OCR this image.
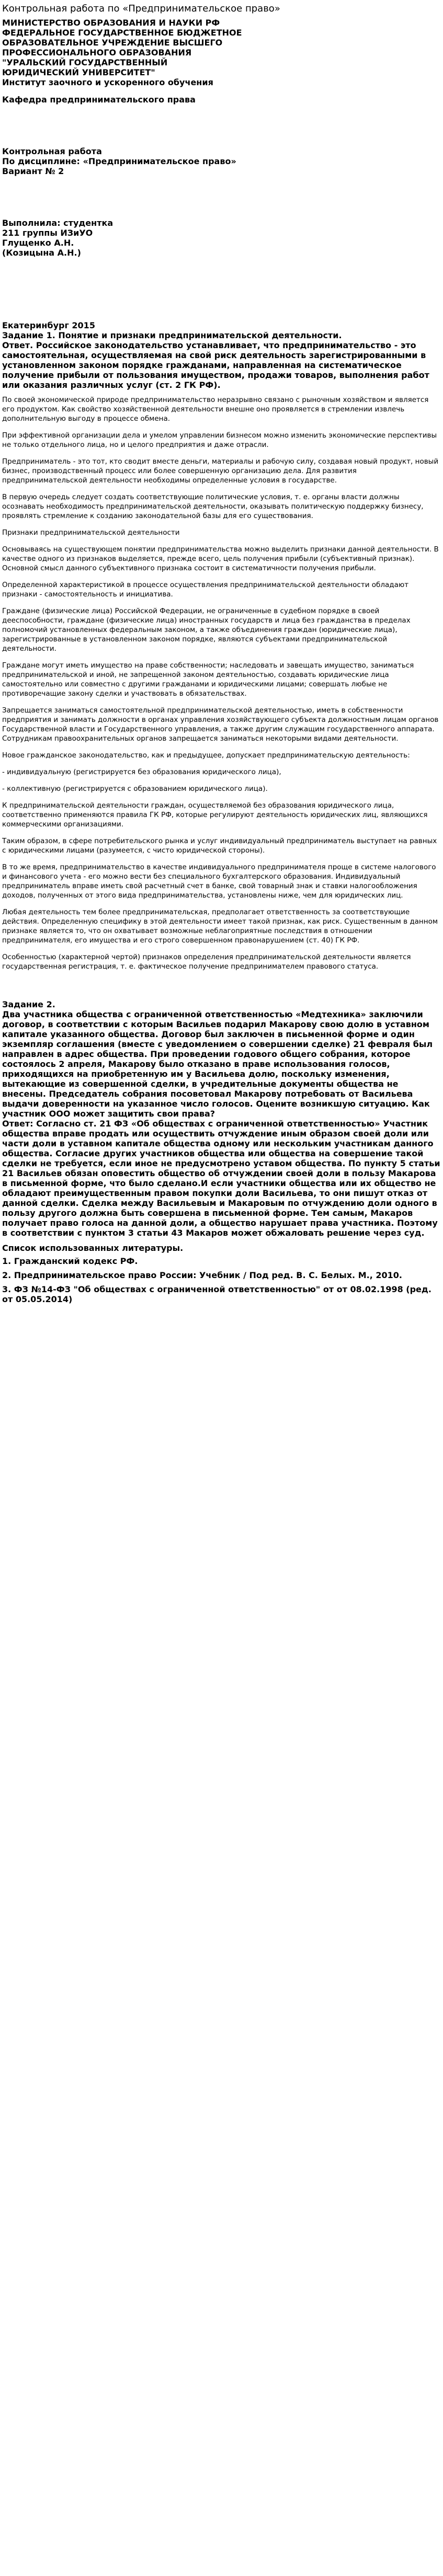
Контрольная работа по «Предпринимательское право»

МИНИСТЕРСТВО ОБРАЗОВАНИЯ И НАУКИ РФ

ФЕДЕРАЛЬНОЕ ГОСУДАРСТВЕННОЕ БЮДЖЕТНОЕ

ОБРАЗОВАТЕЛЬНОЕ УЧРЕЖДЕНИЕ ВЫСШЕГО

ПРОФЕССИОНАЛЬНОГО ОБРАЗОВАНИЯ

"УРАЛЬСКИЙ ГОСУДАРСТВЕННЫЙ

ЮРИДИЧЕСКИЙ УНИВЕРСИТЕТ"

Институт заочного и ускоренного обучения

Кафедра предпринимательского права

Контрольная работа

По дисциплине: «Предпринимательское право»

Вариант № 2

Выполнила: студентка

211 группы ИЗиУО

Глущенко А.Н.

(Козицына А.Н.)

Екатеринбург 2015

Задание 1. Понятие и признаки предпринимательской деятельности.

Ответ. Российское законодательство устанавливает, что предпринимательство - это самостоятельная, осуществляемая на свой риск деятельность зарегистрированными в установленном законом порядке гражданами, направленная на систематическое получение прибыли от пользования имуществом, продажи товаров, выполнения работ или оказания различных услуг (ст. 2 ГК РФ).

По своей экономической природе предпринимательство неразрывно связано с рыночным хозяйством и является его продуктом. Как свойство хозяйственной деятельности внешне оно проявляется в стремлении извлечь дополнительную выгоду в процессе обмена.

При эффективной организации дела и умелом управлении бизнесом можно изменить экономические перспективы не только отдельного лица, но и целого предприятия и даже отрасли.

Предприниматель - это тот, кто сводит вместе деньги, материалы и рабочую силу, создавая новый продукт, новый бизнес, производственный процесс или более совершенную организацию дела. Для развития предпринимательской деятельности необходимы определенные условия в государстве.

В первую очередь следует создать соответствующие политические условия, т. е. органы власти должны осознавать необходимость предпринимательской деятельности, оказывать политическую поддержку бизнесу, проявлять стремление к созданию законодательной базы для его существования.

Признаки предпринимательской деятельности

Основываясь на существующем понятии предпринимательства можно выделить признаки данной деятельности. В качестве одного из признаков выделяется, прежде всего, цель получения прибыли (субъективный признак). Основной смысл данного субъективного признака состоит в систематичности получения прибыли.

Определенной характеристикой в процессе осуществления предпринимательской деятельности обладают признаки - самостоятельность и инициатива.

Граждане (физические лица) Российской Федерации, не ограниченные в судебном порядке в своей дееспособности, граждане (физические лица) иностранных государств и лица без гражданства в пределах полномочий установленных федеральным законом, а также объединения граждан (юридические лица), зарегистрированные в установленном законом порядке, являются субъектами предпринимательской деятельности.

Граждане могут иметь имущество на праве собственности; наследовать и завещать имущество, заниматься предпринимательской и иной, не запрещенной законом деятельностью, создавать юридические лица самостоятельно или совместно с другими гражданами и юридическими лицами; совершать любые не противоречащие закону сделки и участвовать в обязательствах.

Запрещается заниматься самостоятельной предпринимательской деятельностью, иметь в собственности предприятия и занимать должности в органах управления хозяйствующего субъекта должностным лицам органов Государственной власти и Государственного управления, а также другим служащим государственного аппарата. Сотрудникам правоохранительных органов запрещается заниматься некоторыми видами деятельности.

Новое гражданское законодательство, как и предыдущее, допускает предпринимательскую деятельность:

- индивидуальную (регистрируется без образования юридического лица),

- коллективную (регистрируется с образованием юридического лица).

К предпринимательской деятельности граждан, осуществляемой без образования юридического лица, соответственно применяются правила ГК РФ, которые регулируют деятельность юридических лиц, являющихся коммерческими организациями.

Таким образом, в сфере потребительского рынка и услуг индивидуальный предприниматель выступает на равных с юридическими лицами (разумеется, с чисто юридической стороны).

В то же время, предпринимательство в качестве индивидуального предпринимателя проще в системе налогового и финансового учета - его можно вести без специального бухгалтерского образования. Индивидуальный предприниматель вправе иметь свой расчетный счет в банке, свой товарный знак и ставки налогообложения доходов, полученных от этого вида предпринимательства, установлены ниже, чем для юридических лиц.

Любая деятельность тем более предпринимательская, предполагает ответственность за соответствующие действия. Определенную специфику в этой деятельности имеет такой признак, как риск. Существенным в данном признаке является то, что он охватывает возможные неблагоприятные последствия в отношении предпринимателя, его имущества и его строго совершенном правонарушением (ст. 40) ГК РФ.

Особенностью (характерной чертой) признаков определения предпринимательской деятельности является государственная регистрация, т. е. фактическое получение предпринимателем правового статуса.

Задание 2.

Два участника общества с ограниченной ответственностью «Медтехника» заключили договор, в соответствии с которым Васильев подарил Макарову свою долю в уставном капитале указанного общества. Договор был заключен в письменной форме и один экземпляр соглашения (вместе с уведомлением о совершении сделке) 21 февраля был направлен в адрес общества. При проведении годового общего собрания, которое состоялось 2 апреля, Макарову было отказано в праве использования голосов, приходящихся на приобретенную им у Васильева долю, поскольку изменения, вытекающие из совершенной сделки, в учредительные документы общества не внесены. Председатель собрания посоветовал Макарову потребовать от Васильева выдачи доверенности на указанное число голосов. Оцените возникшую ситуацию. Как участник ООО может защитить свои права?

Ответ: Согласно ст. 21 ФЗ «Об обществах с ограниченной ответственностью» Участник общества вправе продать или осуществить отчуждение иным образом своей доли или части доли в уставном капитале общества одному или нескольким участникам данного общества. Согласие других участников общества или общества на совершение такой сделки не требуется, если иное не предусмотрено уставом общества. По пункту 5 статьи 21 Васильев обязан оповестить общество об отчуждении своей доли в пользу Макарова в письменной форме, что было сделано.И если участники общества или их общество не обладают преимущественным правом покупки доли Васильева, то они пишут отказ от данной сделки. Сделка между Васильевым и Макаровым по отчуждению доли одного в пользу другого должна быть совершена в письменной форме. Тем самым, Макаров получает право голоса на данной доли, а общество нарушает права участника. Поэтому в соответствии с пунктом 3 статьи 43 Макаров может обжаловать решение через суд.

Список использованных литературы.

1. Гражданский кодекс РФ.

2. Предпринимательское право России: Учебник / Под ред. В. С. Белых. М., 2010.

3. ФЗ №14-ФЗ "Об обществах с ограниченной ответственностью" от от 08.02.1998 (ред. от 05.05.2014)
